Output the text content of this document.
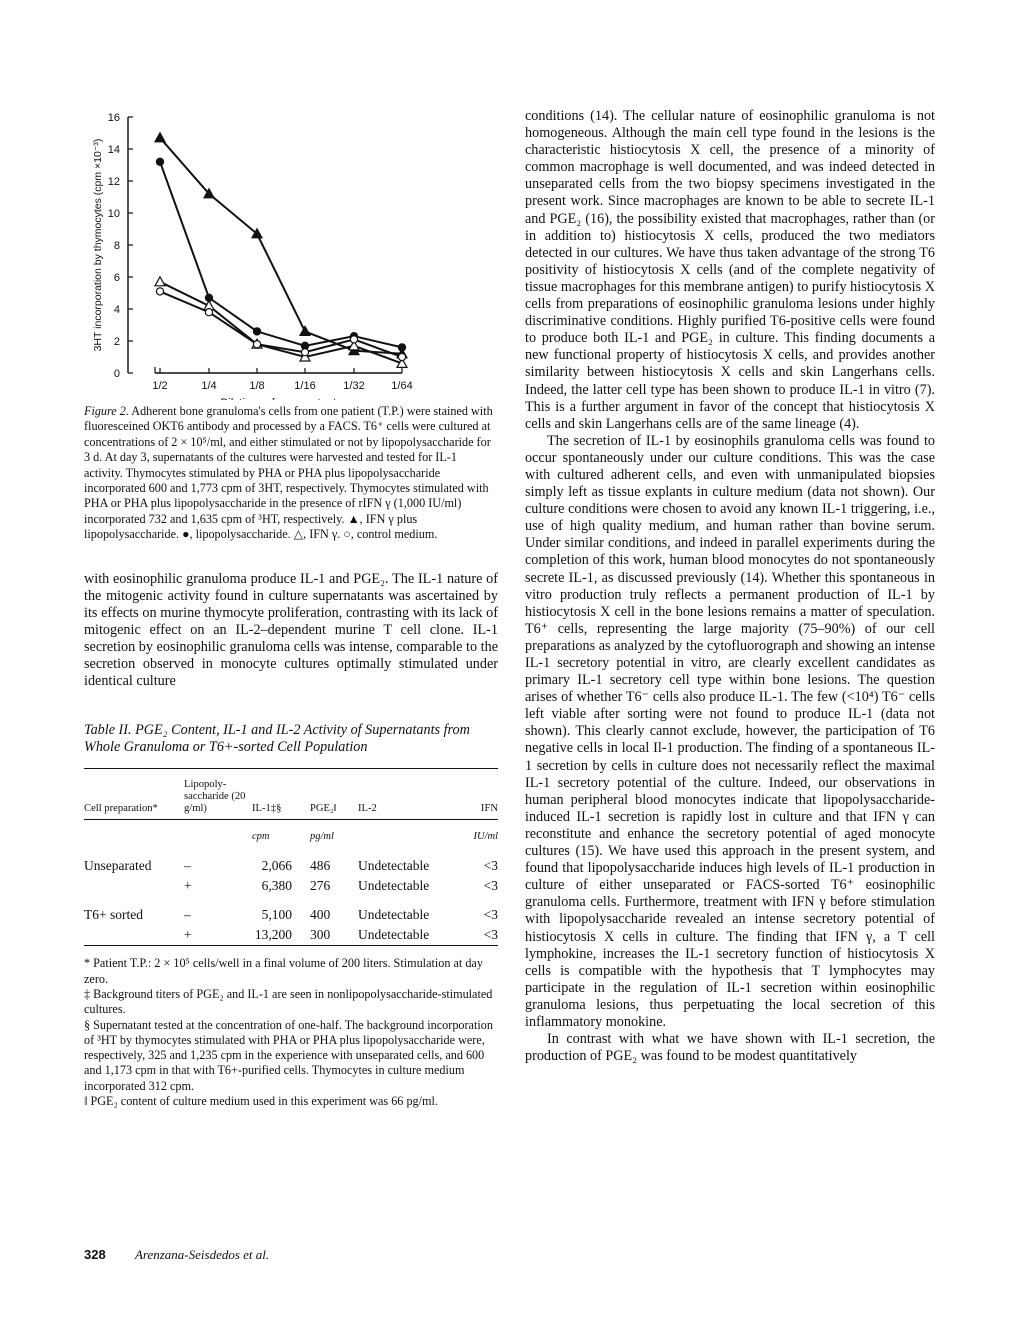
0
2
4
6
8
10
12
14
16
1/2	1/4	1/8	1/16	1/32 1/64
3HT incorporation by thymocytes (cpm ×10⁻³)

Figure 2. Adherent bone granuloma's cells from one patient (T.P.) were stained with fluoresceined OKT6 antibody and processed by a FACS. T6⁺ cells were cultured at concentrations of 2 × 10⁵/ml, and either stimulated or not by lipopolysaccharide for 3 d. At day 3, supernatants of the cultures were harvested and tested for IL-1 activity. Thymocytes stimulated by PHA or PHA plus lipopolysaccharide incorporated 600 and 1,773 cpm of 3HT, respectively. Thymocytes stimulated with PHA or PHA plus lipopolysaccharide in the presence of rIFN γ (1,000 IU/ml) incorporated 732 and 1,635 cpm of ³HT, respectively. ▲, IFN γ plus lipopolysaccharide. ●, lipopolysaccharide. △, IFN γ. ○, control medium.

with eosinophilic granuloma produce IL-1 and PGE₂. The IL-1 nature of the mitogenic activity found in culture supernatants was ascertained by its effects on murine thymocyte proliferation, contrasting with its lack of mitogenic effect on an IL-2–dependent murine T cell clone. IL-1 secretion by eosinophilic granuloma cells was intense, comparable to the secretion observed in monocyte cultures optimally stimulated under identical culture

Table II. PGE₂ Content, IL-1 and IL-2 Activity of Supernatants from Whole Granuloma or T6+-sorted Cell Population
Cell preparation*	Lipopoly-saccharide (20 g/ml)	IL-1‡§	PGE₂‖	IL-2	IFN
		cpm	pg/ml		IU/ml
Unseparated	–	2,066	486	Undetectable	<3
	+	6,380	276	Undetectable	<3
T6+ sorted	–	5,100	400	Undetectable	<3
	+	13,200	300	Undetectable	<3

* Patient T.P.: 2 × 10⁵ cells/well in a final volume of 200 liters. Stimulation at day zero.

‡ Background titers of PGE₂ and IL-1 are seen in nonlipopolysaccharide-stimulated cultures.

§ Supernatant tested at the concentration of one-half. The background incorporation of ³HT by thymocytes stimulated with PHA or PHA plus lipopolysaccharide were, respectively, 325 and 1,235 cpm in the experience with unseparated cells, and 600 and 1,173 cpm in that with T6+-purified cells. Thymocytes in culture medium incorporated 312 cpm.

‖ PGE₂ content of culture medium used in this experiment was 66 pg/ml.

conditions (14). The cellular nature of eosinophilic granuloma is not homogeneous. Although the main cell type found in the lesions is the characteristic histiocytosis X cell, the presence of a minority of common macrophage is well documented, and was indeed detected in unseparated cells from the two biopsy specimens investigated in the present work. Since macrophages are known to be able to secrete IL-1 and PGE₂ (16), the possibility existed that macrophages, rather than (or in addition to) histiocytosis X cells, produced the two mediators detected in our cultures. We have thus taken advantage of the strong T6 positivity of histiocytosis X cells (and of the complete negativity of tissue macrophages for this membrane antigen) to purify histiocytosis X cells from preparations of eosinophilic granuloma lesions under highly discriminative conditions. Highly purified T6-positive cells were found to produce both IL-1 and PGE₂ in culture. This finding documents a new functional property of histiocytosis X cells, and provides another similarity between histiocytosis X cells and skin Langerhans cells. Indeed, the latter cell type has been shown to produce IL-1 in vitro (7). This is a further argument in favor of the concept that histiocytosis X cells and skin Langerhans cells are of the same lineage (4).

The secretion of IL-1 by eosinophils granuloma cells was found to occur spontaneously under our culture conditions. This was the case with cultured adherent cells, and even with unmanipulated biopsies simply left as tissue explants in culture medium (data not shown). Our culture conditions were chosen to avoid any known IL-1 triggering, i.e., use of high quality medium, and human rather than bovine serum. Under similar conditions, and indeed in parallel experiments during the completion of this work, human blood monocytes do not spontaneously secrete IL-1, as discussed previously (14). Whether this spontaneous in vitro production truly reflects a permanent production of IL-1 by histiocytosis X cell in the bone lesions remains a matter of speculation. T6⁺ cells, representing the large majority (75–90%) of our cell preparations as analyzed by the cytofluorograph and showing an intense IL-1 secretory potential in vitro, are clearly excellent candidates as primary IL-1 secretory cell type within bone lesions. The question arises of whether T6⁻ cells also produce IL-1. The few (<10⁴) T6⁻ cells left viable after sorting were not found to produce IL-1 (data not shown). This clearly cannot exclude, however, the participation of T6 negative cells in local Il-1 production. The finding of a spontaneous IL-1 secretion by cells in culture does not necessarily reflect the maximal IL-1 secretory potential of the culture. Indeed, our observations in human peripheral blood monocytes indicate that lipopolysaccharide-induced IL-1 secretion is rapidly lost in culture and that IFN γ can reconstitute and enhance the secretory potential of aged monocyte cultures (15). We have used this approach in the present system, and found that lipopolysaccharide induces high levels of IL-1 production in culture of either unseparated or FACS-sorted T6⁺ eosinophilic granuloma cells. Furthermore, treatment with IFN γ before stimulation with lipopolysaccharide revealed an intense secretory potential of histiocytosis X cells in culture. The finding that IFN γ, a T cell lymphokine, increases the IL-1 secretory function of histiocytosis X cells is compatible with the hypothesis that T lymphocytes may participate in the regulation of IL-1 secretion within eosinophilic granuloma lesions, thus perpetuating the local secretion of this inflammatory monokine.

In contrast with what we have shown with IL-1 secretion, the production of PGE₂ was found to be modest quantitatively

328 Arenzana-Seisdedos et al.
